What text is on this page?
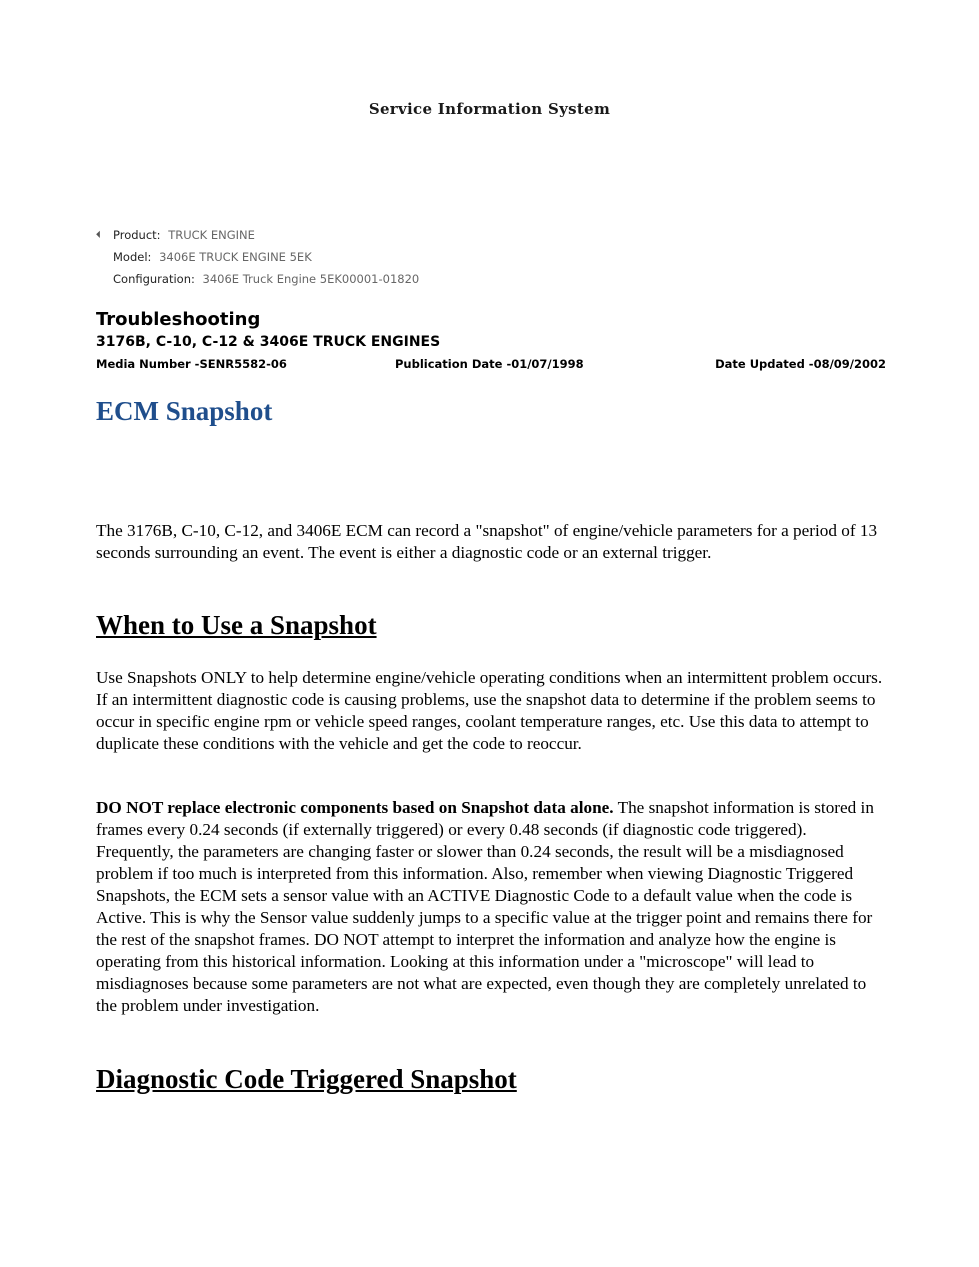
Service Information System
🞀 Product: TRUCK ENGINE
Model: 3406E TRUCK ENGINE 5EK
Configuration: 3406E Truck Engine 5EK00001-01820
Troubleshooting
3176B, C-10, C-12 & 3406E TRUCK ENGINES
Media Number -SENR5582-06	Publication Date -01/07/1998	Date Updated -08/09/2002
ECM Snapshot

The 3176B, C-10, C-12, and 3406E ECM can record a "snapshot" of engine/vehicle parameters for a period of 13 seconds surrounding an event. The event is either a diagnostic code or an external trigger.

When to Use a Snapshot

Use Snapshots ONLY to help determine engine/vehicle operating conditions when an intermittent problem occurs. If an intermittent diagnostic code is causing problems, use the snapshot data to determine if the problem seems to occur in specific engine rpm or vehicle speed ranges, coolant temperature ranges, etc. Use this data to attempt to duplicate these conditions with the vehicle and get the code to reoccur.

DO NOT replace electronic components based on Snapshot data alone. The snapshot information is stored in frames every 0.24 seconds (if externally triggered) or every 0.48 seconds (if diagnostic code triggered). Frequently, the parameters are changing faster or slower than 0.24 seconds, the result will be a misdiagnosed problem if too much is interpreted from this information. Also, remember when viewing Diagnostic Triggered Snapshots, the ECM sets a sensor value with an ACTIVE Diagnostic Code to a default value when the code is Active. This is why the Sensor value suddenly jumps to a specific value at the trigger point and remains there for the rest of the snapshot frames. DO NOT attempt to interpret the information and analyze how the engine is operating from this historical information. Looking at this information under a "microscope" will lead to misdiagnoses because some parameters are not what are expected, even though they are completely unrelated to the problem under investigation.

Diagnostic Code Triggered Snapshot
